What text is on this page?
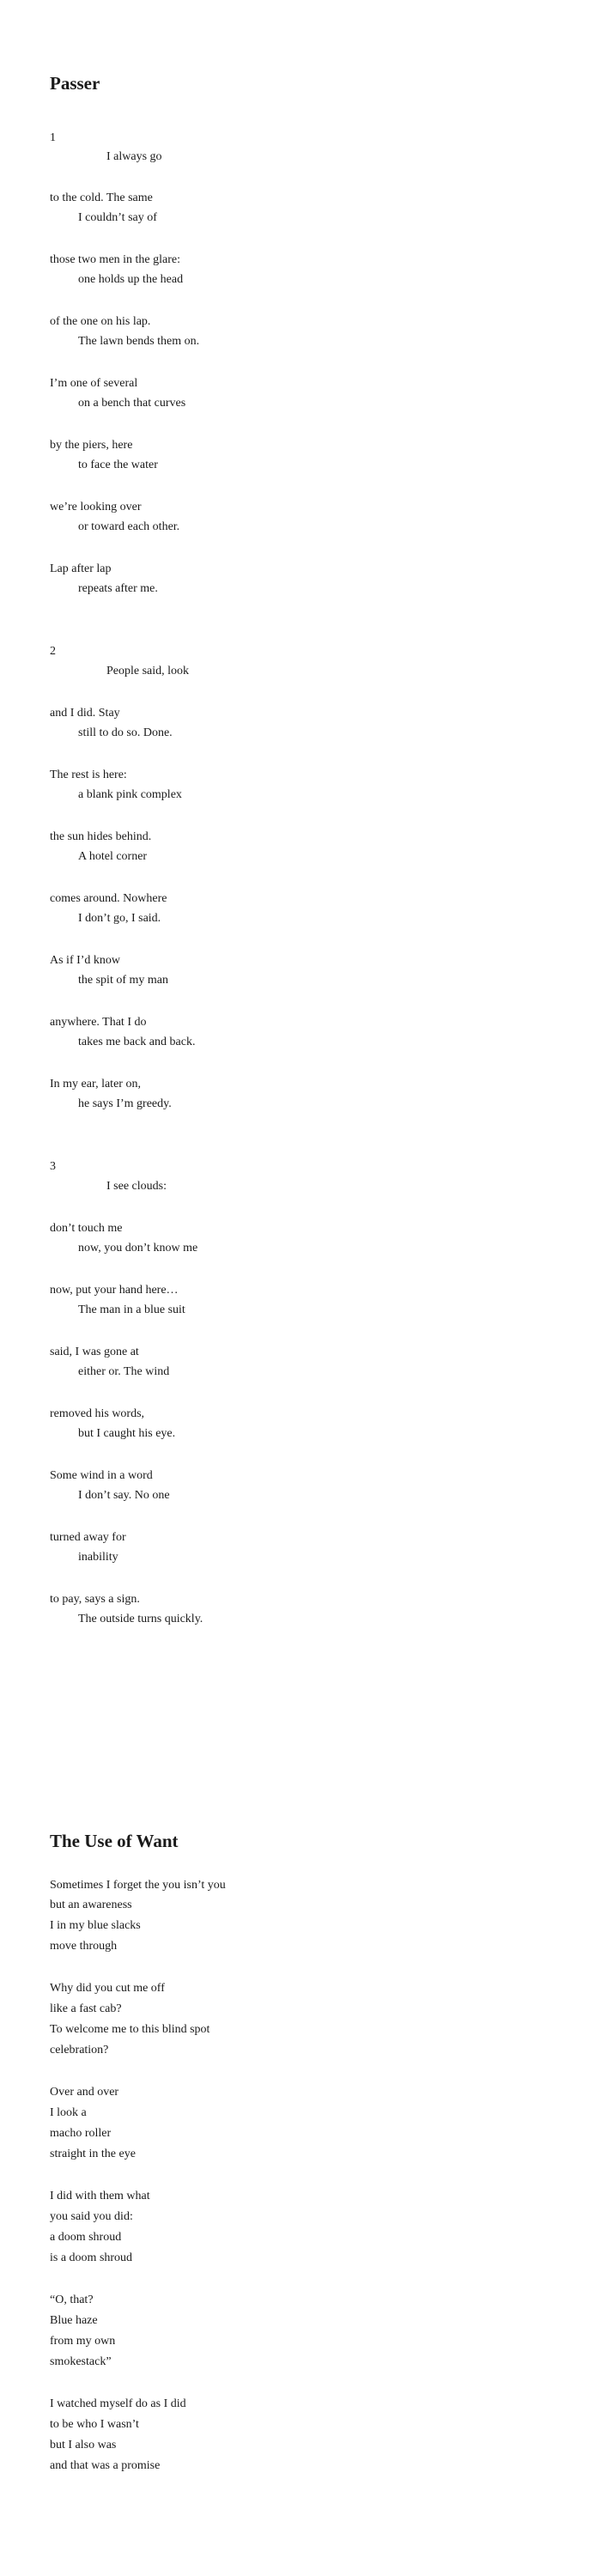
Passer
1
I always go
to the cold. The same
I couldn’t say of
those two men in the glare:
one holds up the head
of the one on his lap.
The lawn bends them on.
I’m one of several
on a bench that curves
by the piers, here
to face the water
we’re looking over
or toward each other.
Lap after lap
repeats after me.
2
People said, look
and I did. Stay
still to do so. Done.
The rest is here:
a blank pink complex
the sun hides behind.
A hotel corner
comes around. Nowhere
I don’t go, I said.
As if I’d know
the spit of my man
anywhere. That I do
takes me back and back.
In my ear, later on,
he says I’m greedy.
3
I see clouds:
don’t touch me
now, you don’t know me
now, put your hand here…
The man in a blue suit
said, I was gone at
either or. The wind
removed his words,
but I caught his eye.
Some wind in a word
I don’t say. No one
turned away for
inability
to pay, says a sign.
The outside turns quickly.
The Use of Want
Sometimes I forget the you isn’t you
but an awareness
I in my blue slacks
move through
Why did you cut me off
like a fast cab?
To welcome me to this blind spot
celebration?
Over and over
I look a
macho roller
straight in the eye
I did with them what
you said you did:
a doom shroud
is a doom shroud
“O, that?
Blue haze
from my own
smokestack”
I watched myself do as I did
to be who I wasn’t
but I also was
and that was a promise
